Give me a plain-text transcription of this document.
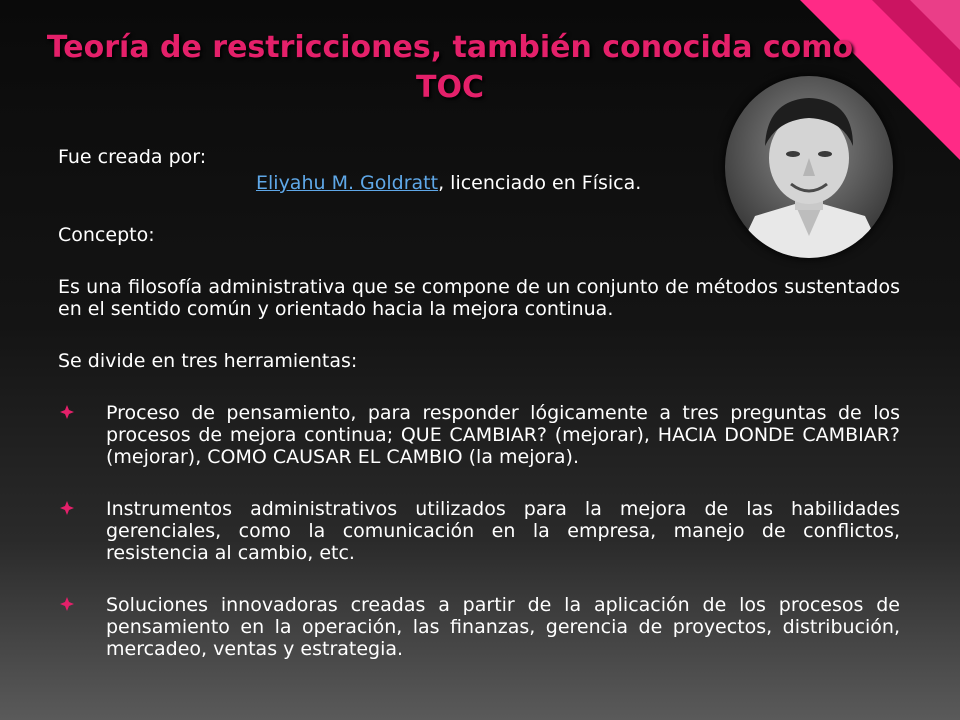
Teoría de restricciones, también conocida como TOC

Fue creada por:

Eliyahu M. Goldratt, licenciado en Física.

Concepto:

Es una filosofía administrativa que se compone de un conjunto de métodos sustentados en el sentido común y orientado hacia la mejora continua.

Se divide en tres herramientas:

Proceso de pensamiento, para responder lógicamente a tres preguntas de los procesos de mejora continua; QUE CAMBIAR? (mejorar), HACIA DONDE CAMBIAR? (mejorar), COMO CAUSAR EL CAMBIO (la mejora).
Instrumentos administrativos utilizados para la mejora de las habilidades gerenciales, como la comunicación en la empresa, manejo de conflictos, resistencia al cambio, etc.
Soluciones innovadoras creadas a partir de la aplicación de los procesos de pensamiento en la operación, las finanzas, gerencia de proyectos, distribución, mercadeo, ventas y estrategia.
